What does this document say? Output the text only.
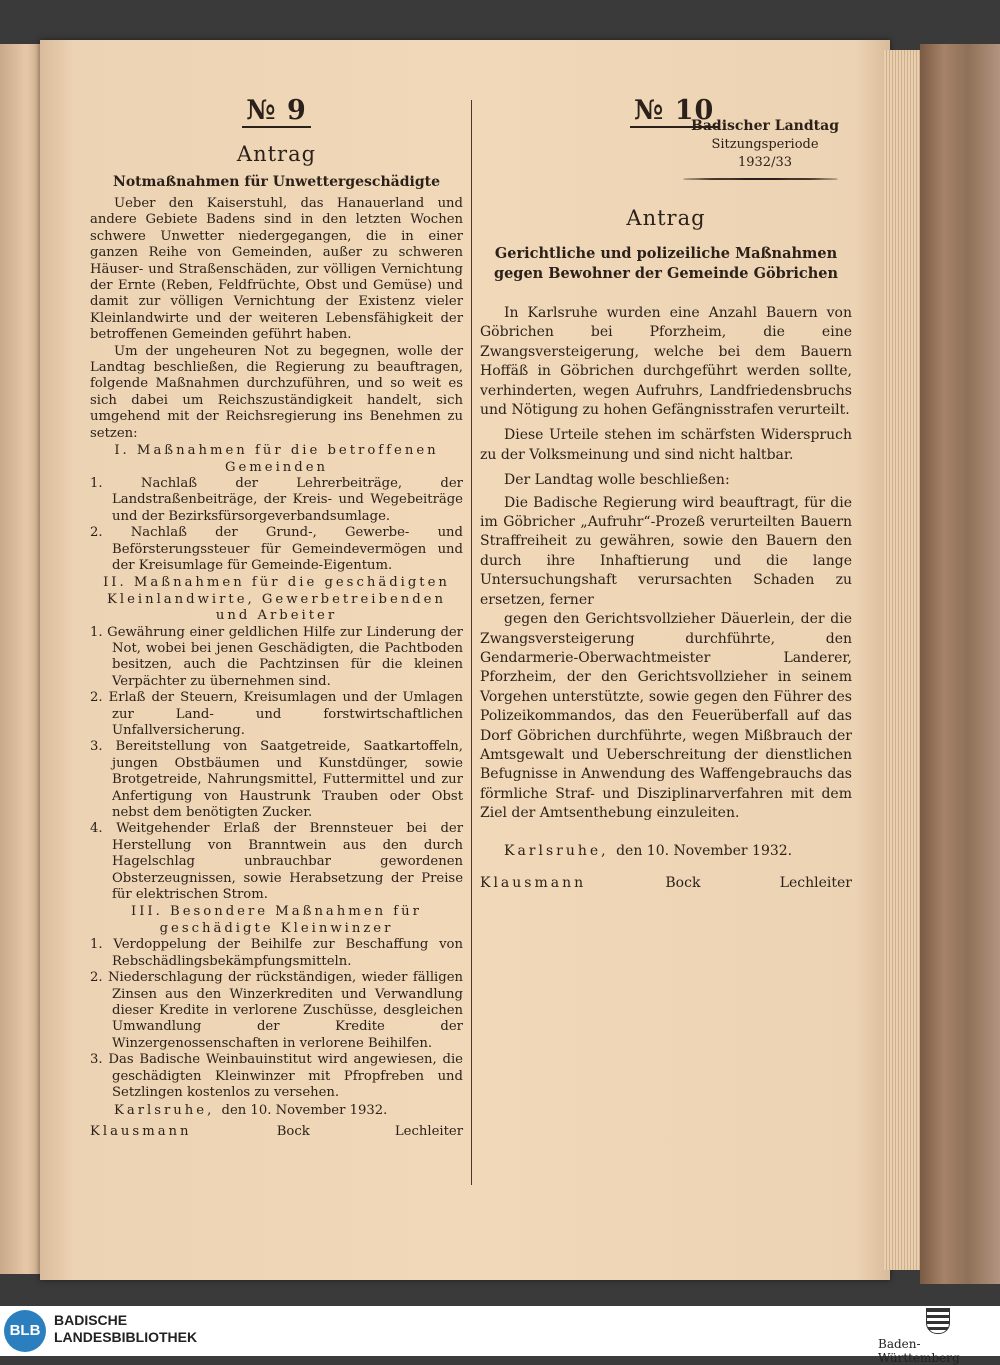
№ 9
Antrag
Notmaßnahmen für Unwettergeschädigte

Ueber den Kaiserstuhl, das Hanauerland und andere Gebiete Badens sind in den letzten Wochen schwere Unwetter niedergegangen, die in einer ganzen Reihe von Gemeinden, außer zu schweren Häuser- und Straßenschäden, zur völligen Vernichtung der Ernte (Reben, Feldfrüchte, Obst und Gemüse) und damit zur völligen Vernichtung der Existenz vieler Kleinlandwirte und der weiteren Lebensfähigkeit der betroffenen Gemeinden geführt haben.

Um der ungeheuren Not zu begegnen, wolle der Landtag beschließen, die Regierung zu beauftragen, folgende Maßnahmen durchzuführen, und so weit es sich dabei um Reichszuständigkeit handelt, sich umgehend mit der Reichsregierung ins Benehmen zu setzen:

I. Maßnahmen für die betroffenen Gemeinden
1. Nachlaß der Lehrerbeiträge, der Landstraßenbeiträge, der Kreis- und Wegebeiträge und der Bezirksfürsorgeverbandsumlage.
2. Nachlaß der Grund-, Gewerbe- und Beförsterungssteuer für Gemeindevermögen und der Kreisumlage für Gemeinde-Eigentum.
II. Maßnahmen für die geschädigten Kleinlandwirte, Gewerbetreibenden und Arbeiter
1. Gewährung einer geldlichen Hilfe zur Linderung der Not, wobei bei jenen Geschädigten, die Pachtboden besitzen, auch die Pachtzinsen für die kleinen Verpächter zu übernehmen sind.
2. Erlaß der Steuern, Kreisumlagen und der Umlagen zur Land- und forstwirtschaftlichen Unfallversicherung.
3. Bereitstellung von Saatgetreide, Saatkartoffeln, jungen Obstbäumen und Kunstdünger, sowie Brotgetreide, Nahrungsmittel, Futtermittel und zur Anfertigung von Haustrunk Trauben oder Obst nebst dem benötigten Zucker.
4. Weitgehender Erlaß der Brennsteuer bei der Herstellung von Branntwein aus den durch Hagelschlag unbrauchbar gewordenen Obsterzeugnissen, sowie Herabsetzung der Preise für elektrischen Strom.
III. Besondere Maßnahmen für geschädigte Kleinwinzer
1. Verdoppelung der Beihilfe zur Beschaffung von Rebschädlingsbekämpfungsmitteln.
2. Niederschlagung der rückständigen, wieder fälligen Zinsen aus den Winzerkrediten und Verwandlung dieser Kredite in verlorene Zuschüsse, desgleichen Umwandlung der Kredite der Winzergenossenschaften in verlorene Beihilfen.
3. Das Badische Weinbauinstitut wird angewiesen, die geschädigten Kleinwinzer mit Pfropfreben und Setzlingen kostenlos zu versehen.
Karlsruhe, den 10. November 1932.
Klausmann	Bock	Lechleiter
№ 10
Badischer Landtag
Sitzungsperiode
1932/33
Antrag
Gerichtliche und polizeiliche Maßnahmen gegen Bewohner der Gemeinde Göbrichen

In Karlsruhe wurden eine Anzahl Bauern von Göbrichen bei Pforzheim, die eine Zwangsversteigerung, welche bei dem Bauern Hoffäß in Göbrichen durchgeführt werden sollte, verhinderten, wegen Aufruhrs, Landfriedensbruchs und Nötigung zu hohen Gefängnisstrafen verurteilt.

Diese Urteile stehen im schärfsten Widerspruch zu der Volksmeinung und sind nicht haltbar.

Der Landtag wolle beschließen:

Die Badische Regierung wird beauftragt, für die im Göbricher „Aufruhr“-Prozeß verurteilten Bauern Straffreiheit zu gewähren, sowie den Bauern den durch ihre Inhaftierung und die lange Untersuchungshaft verursachten Schaden zu ersetzen, ferner

gegen den Gerichtsvollzieher Däuerlein, der die Zwangsversteigerung durchführte, den Gendarmerie-Oberwachtmeister Landerer, Pforzheim, der den Gerichtsvollzieher in seinem Vorgehen unterstützte, sowie gegen den Führer des Polizeikommandos, das den Feuerüberfall auf das Dorf Göbrichen durchführte, wegen Mißbrauch der Amtsgewalt und Ueberschreitung der dienstlichen Befugnisse in Anwendung des Waffengebrauchs das förmliche Straf- und Disziplinarverfahren mit dem Ziel der Amtsenthebung einzuleiten.

Karlsruhe, den 10. November 1932.
Klausmann	Bock	Lechleiter
BLB
BADISCHE
LANDESBIBLIOTHEK	Baden-Württemberg
